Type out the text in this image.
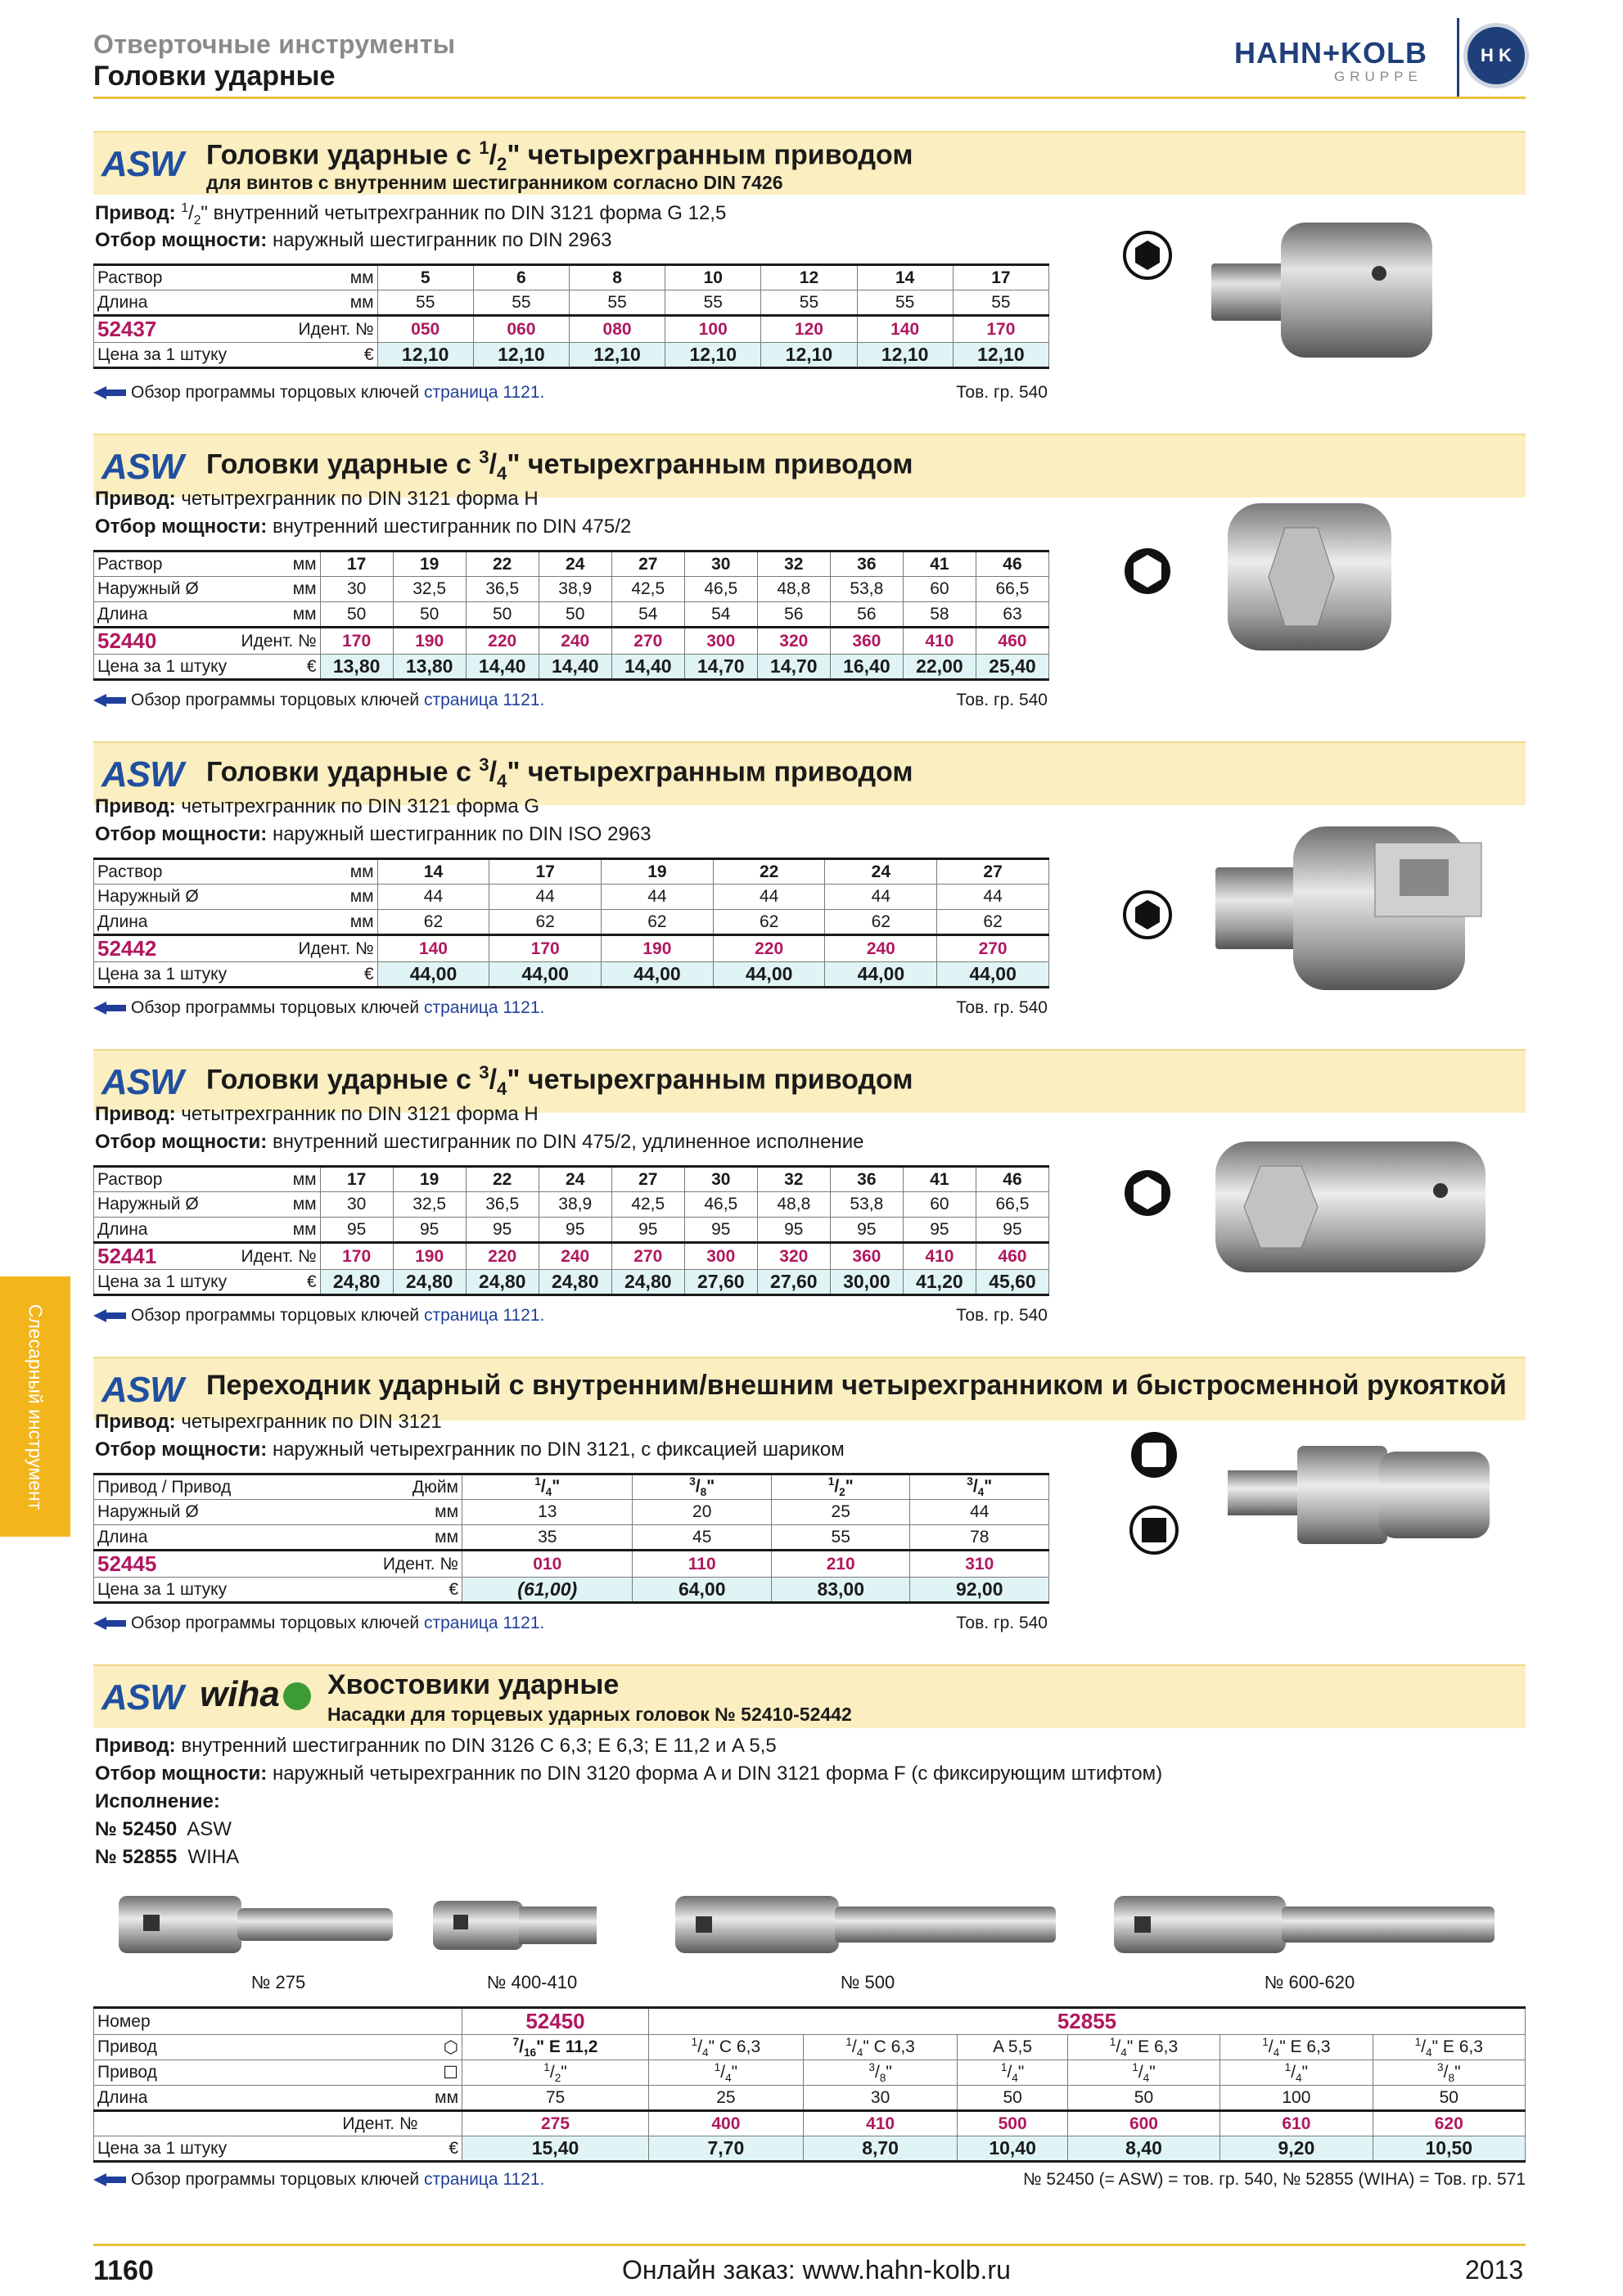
Отверточные инструменты
Головки ударные
HAHN+KOLB
GRUPPE
H K
Слесарный инструмент
ASW Головки ударные с $^1/_2$" четырехгранным приводом
для винтов с внутренним шестигранником согласно DIN 7426
Привод: $^1/_2$" внутренний четытрехгранник по DIN 3121 форма G 12,5
Отбор мощности: наружный шестигранник по DIN 2963
Раствор	мм	5	6	8	10	12	14	17
Длина	мм	55	55	55	55	55	55	55
52437	Идент. №	050	060	080	100	120	140	170
Цена за 1 штуку	€	12,10	12,10	12,10	12,10	12,10	12,10	12,10
Обзор программы торцовых ключей страница 1121.	Тов. гр. 540
ASW Головки ударные с $^3/_4$" четырехгранным приводом
Привод: четытрехгранник по DIN 3121 форма H
Отбор мощности: внутренний шестигранник по DIN 475/2
Раствор	мм	17	19	22	24	27	30	32	36	41	46
Наружный Ø	мм	30	32,5	36,5	38,9	42,5	46,5	48,8	53,8	60	66,5
Длина	мм	50	50	50	50	54	54	56	56	58	63
52440	Идент. №	170	190	220	240	270	300	320	360	410	460
Цена за 1 штуку	€	13,80	13,80	14,40	14,40	14,40	14,70	14,70	16,40	22,00	25,40
Обзор программы торцовых ключей страница 1121.	Тов. гр. 540
ASW Головки ударные с $^3/_4$" четырехгранным приводом
Привод: четытрехгранник по DIN 3121 форма G
Отбор мощности: наружный шестигранник по DIN ISO 2963
Раствор	мм	14	17	19	22	24	27
Наружный Ø	мм	44	44	44	44	44	44
Длина	мм	62	62	62	62	62	62
52442	Идент. №	140	170	190	220	240	270
Цена за 1 штуку	€	44,00	44,00	44,00	44,00	44,00	44,00
Обзор программы торцовых ключей страница 1121.	Тов. гр. 540
ASW Головки ударные с $^3/_4$" четырехгранным приводом
Привод: четытрехгранник по DIN 3121 форма H
Отбор мощности: внутренний шестигранник по DIN 475/2, удлиненное исполнение
Раствор	мм	17	19	22	24	27	30	32	36	41	46
Наружный Ø	мм	30	32,5	36,5	38,9	42,5	46,5	48,8	53,8	60	66,5
Длина	мм	95	95	95	95	95	95	95	95	95	95
52441	Идент. №	170	190	220	240	270	300	320	360	410	460
Цена за 1 штуку	€	24,80	24,80	24,80	24,80	24,80	27,60	27,60	30,00	41,20	45,60
Обзор программы торцовых ключей страница 1121.	Тов. гр. 540
ASW Переходник ударный с внутренним/внешним четырехгранником и быстросменной рукояткой
Привод: четырехгранник по DIN 3121
Отбор мощности: наружный четырехгранник по DIN 3121, с фиксацией шариком
Привод / Привод	Дюйм	$^1/_4$"	$^3/_8$"	$^1/_2$"	$^3/_4$"
Наружный Ø	мм	13	20	25	44
Длина	мм	35	45	55	78
52445	Идент. №	010	110	210	310
Цена за 1 штуку	€	(61,00)	64,00	83,00	92,00
Обзор программы торцовых ключей страница 1121.	Тов. гр. 540
ASW wiha	Хвостовики ударные
Насадки для торцевых ударных головок № 52410-52442
Привод: внутренний шестигранник по DIN 3126 C 6,3; E 6,3; E 11,2 и A 5,5
Отбор мощности: наружный четырехгранник по DIN 3120 форма A и DIN 3121 форма F (с фиксирующим штифтом)
Исполнение:
№ 52450 ASW
№ 52855 WIHA
№ 275	№ 400-410	№ 500	№ 600-620
Номер		52450	52855					
Привод	⬡	$^7/_{16}$" E 11,2	$^1/_4$" C 6,3	$^1/_4$" C 6,3	A 5,5	$^1/_4$" E 6,3	$^1/_4$" E 6,3	$^1/_4$" E 6,3
Привод	☐	$^1/_2$"	$^1/_4$"	$^3/_8$"	$^1/_4$"	$^1/_4$"	$^1/_4$"	$^3/_8$"
Длина	мм	75	25	30	50	50	100	50
Идент. №		275	400	410	500	600	610	620
Цена за 1 штуку	€	15,40	7,70	8,70	10,40	8,40	9,20	10,50
Обзор программы торцовых ключей страница 1121.	№ 52450 (= ASW) = тов. гр. 540, № 52855 (WIHA) = Тов. гр. 571
1160	Онлайн заказ: www.hahn-kolb.ru	2013
